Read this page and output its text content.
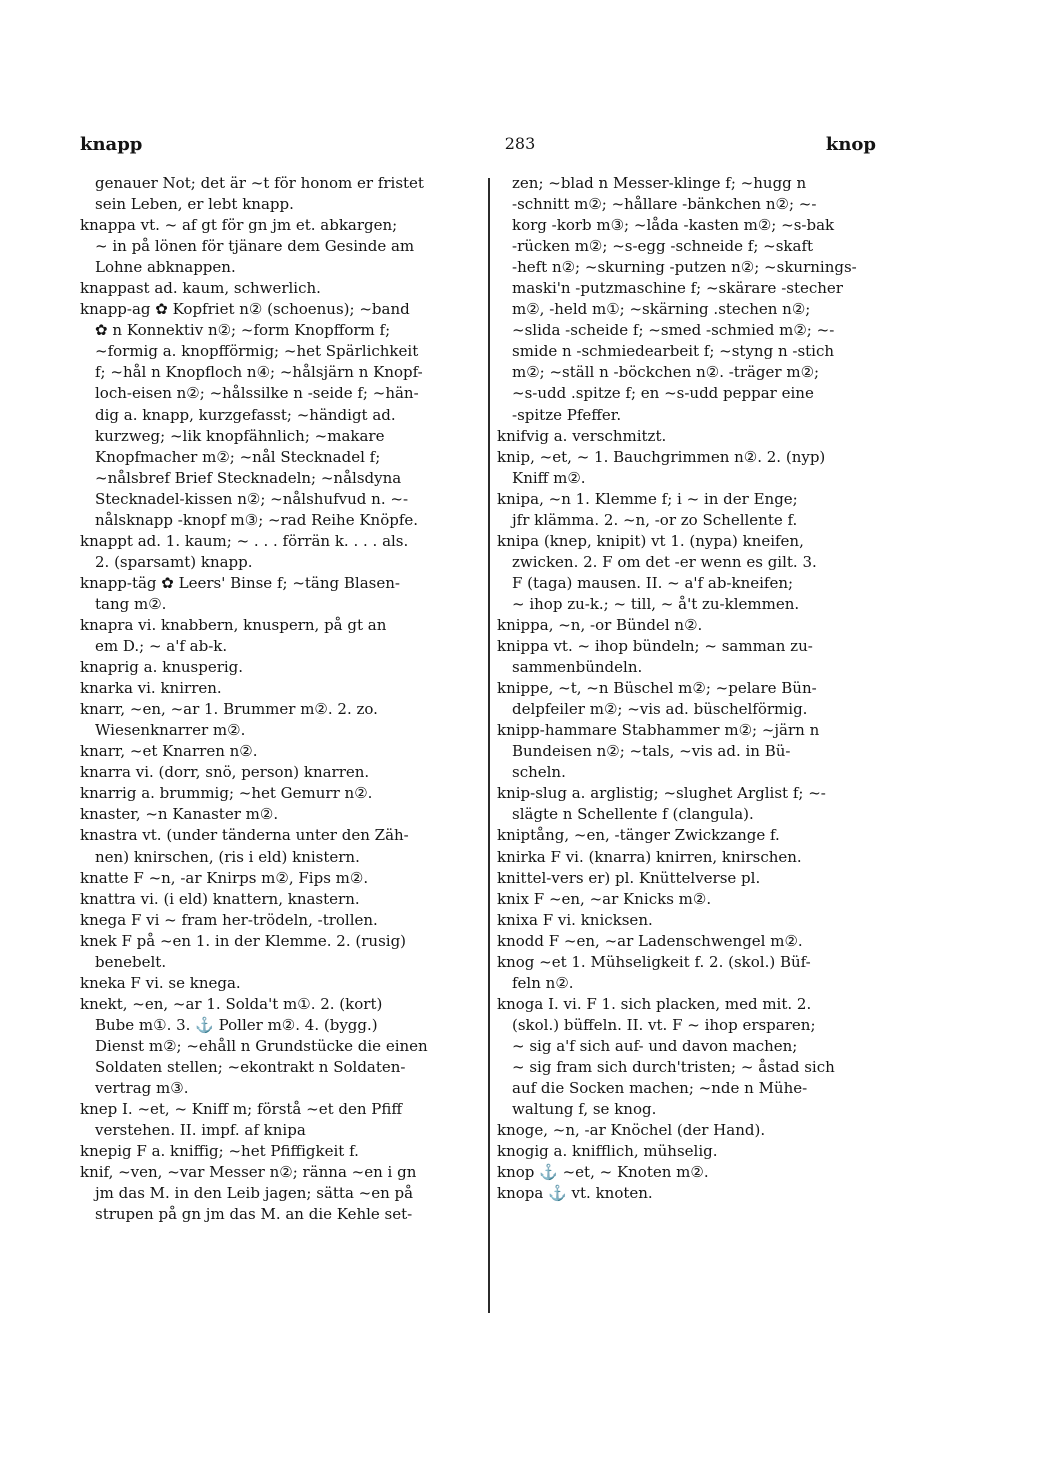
knapp	283	knop
genauer Not; det är ~t för honom er fristet
sein Leben, er lebt knapp.
knappa vt. ~ af gt för gn jm et. abkargen;
~ in på lönen för tjänare dem Gesinde am
Lohne abknappen.
knappast ad. kaum, schwerlich.
knapp-ag ✿ Kopfriet n② (schoenus); ~band
✿ n Konnektiv n②; ~form Knopfform f;
~formig a. knopfförmig; ~het Spärlichkeit
f; ~hål n Knopfloch n④; ~hålsjärn n Knopf-
loch-eisen n②; ~hålssilke n -seide f; ~hän-
dig a. knapp, kurzgefasst; ~händigt ad.
kurzweg; ~lik knopfähnlich; ~makare
Knopfmacher m②; ~nål Stecknadel f;
~nålsbref Brief Stecknadeln; ~nålsdyna
Stecknadel-kissen n②; ~nålshufvud n. ~-
nålsknapp -knopf m③; ~rad Reihe Knöpfe.
knappt ad. 1. kaum; ~ . . . förrän k. . . . als.
2. (sparsamt) knapp.
knapp-täg ✿ Leers' Binse f; ~täng Blasen-
tang m②.
knapra vi. knabbern, knuspern, på gt an
em D.; ~ a'f ab-k.
knaprig a. knusperig.
knarka vi. knirren.
knarr, ~en, ~ar 1. Brummer m②. 2. zo.
Wiesenknarrer m②.
knarr, ~et Knarren n②.
knarra vi. (dorr, snö, person) knarren.
knarrig a. brummig; ~het Gemurr n②.
knaster, ~n Kanaster m②.
knastra vt. (under tänderna unter den Zäh-
nen) knirschen, (ris i eld) knistern.
knatte F ~n, -ar Knirps m②, Fips m②.
knattra vi. (i eld) knattern, knastern.
knega F vi ~ fram her-trödeln, -trollen.
knek F på ~en 1. in der Klemme. 2. (rusig)
benebelt.
kneka F vi. se knega.
knekt, ~en, ~ar 1. Solda't m①. 2. (kort)
Bube m①. 3. ⚓ Poller m②. 4. (bygg.)
Dienst m②; ~ehåll n Grundstücke die einen
Soldaten stellen; ~ekontrakt n Soldaten-
vertrag m③.
knep I. ~et, ~ Kniff m; förstå ~et den Pfiff
verstehen. II. impf. af knipa
knepig F a. kniffig; ~het Pfiffigkeit f.
knif, ~ven, ~var Messer n②; ränna ~en i gn
jm das M. in den Leib jagen; sätta ~en på
strupen på gn jm das M. an die Kehle set-
zen; ~blad n Messer-klinge f; ~hugg n
-schnitt m②; ~hållare -bänkchen n②; ~-
korg -korb m③; ~låda -kasten m②; ~s-bak
-rücken m②; ~s-egg -schneide f; ~skaft
-heft n②; ~skurning -putzen n②; ~skurnings-
maski'n -putzmaschine f; ~skärare -stecher
m②, -held m①; ~skärning .stechen n②;
~slida -scheide f; ~smed -schmied m②; ~-
smide n -schmiedearbeit f; ~styng n -stich
m②; ~ställ n -böckchen n②. -träger m②;
~s-udd .spitze f; en ~s-udd peppar eine
-spitze Pfeffer.
knifvig a. verschmitzt.
knip, ~et, ~ 1. Bauchgrimmen n②. 2. (nyp)
Kniff m②.
knipa, ~n 1. Klemme f; i ~ in der Enge;
jfr klämma. 2. ~n, -or zo Schellente f.
knipa (knep, knipit) vt 1. (nypa) kneifen,
zwicken. 2. F om det -er wenn es gilt. 3.
F (taga) mausen. II. ~ a'f ab-kneifen;
~ ihop zu-k.; ~ till, ~ å't zu-klemmen.
knippa, ~n, -or Bündel n②.
knippa vt. ~ ihop bündeln; ~ samman zu-
sammenbündeln.
knippe, ~t, ~n Büschel m②; ~pelare Bün-
delpfeiler m②; ~vis ad. büschelförmig.
knipp-hammare Stabhammer m②; ~järn n
Bundeisen n②; ~tals, ~vis ad. in Bü-
scheln.
knip-slug a. arglistig; ~slughet Arglist f; ~-
slägte n Schellente f (clangula).
kniptång, ~en, -tänger Zwickzange f.
knirka F vi. (knarra) knirren, knirschen.
knittel-vers er) pl. Knüttelverse pl.
knix F ~en, ~ar Knicks m②.
knixa F vi. knicksen.
knodd F ~en, ~ar Ladenschwengel m②.
knog ~et 1. Mühseligkeit f. 2. (skol.) Büf-
feln n②.
knoga I. vi. F 1. sich placken, med mit. 2.
(skol.) büffeln. II. vt. F ~ ihop ersparen;
~ sig a'f sich auf- und davon machen;
~ sig fram sich durch'tristen; ~ åstad sich
auf die Socken machen; ~nde n Mühe-
waltung f, se knog.
knoge, ~n, -ar Knöchel (der Hand).
knogig a. knifflich, mühselig.
knop ⚓ ~et, ~ Knoten m②.
knopa ⚓ vt. knoten.
